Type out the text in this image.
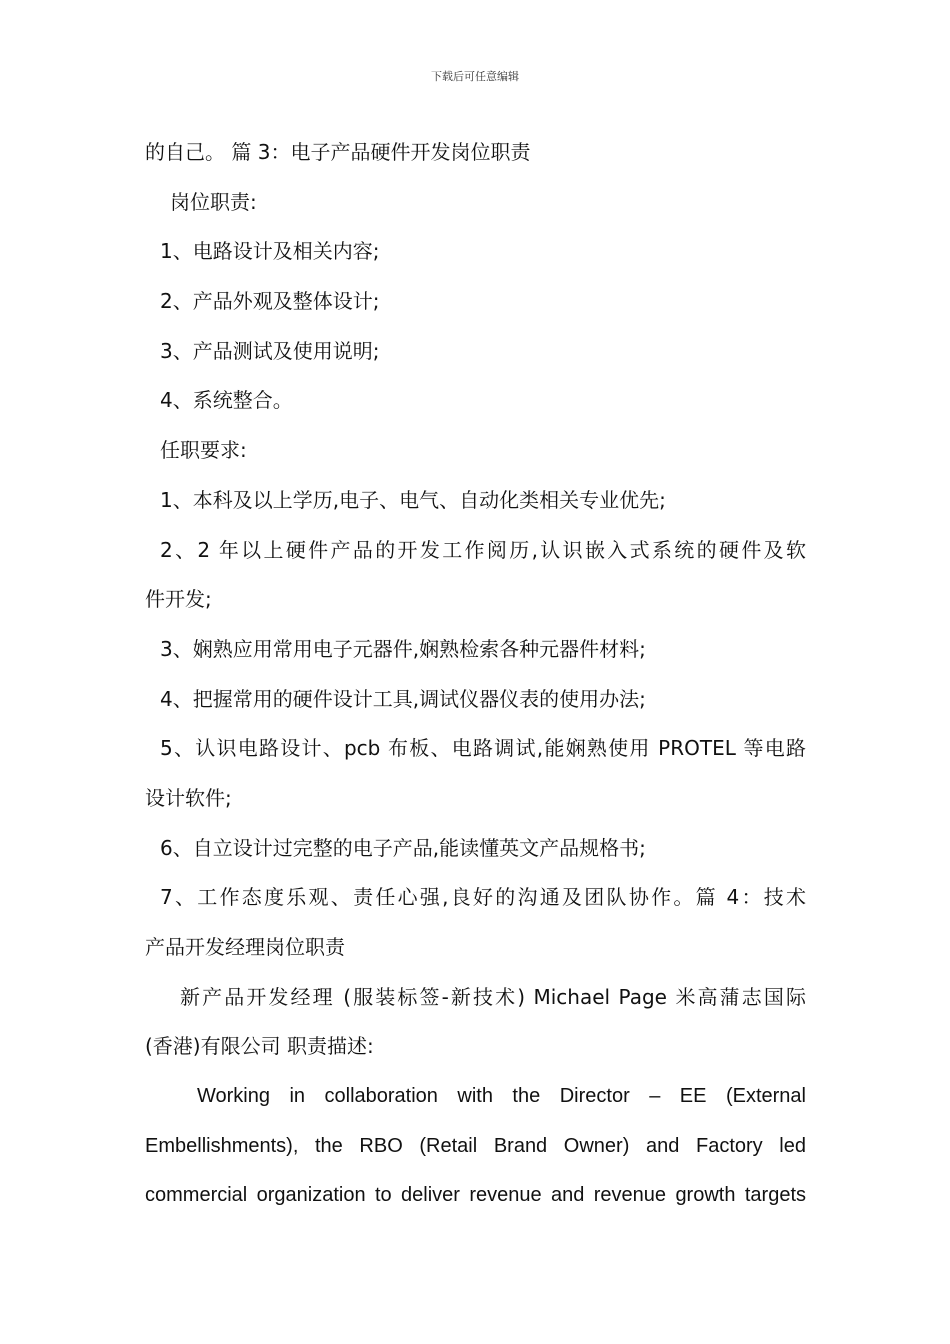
下载后可任意编辑
的自己。 篇 3：电子产品硬件开发岗位职责
岗位职责:
1、电路设计及相关内容;
2、产品外观及整体设计;
3、产品测试及使用说明;
4、系统整合。
任职要求:
1、本科及以上学历,电子、电气、自动化类相关专业优先;
2、2 年以上硬件产品的开发工作阅历,认识嵌入式系统的硬件及软
件开发;
3、娴熟应用常用电子元器件,娴熟检索各种元器件材料;
4、把握常用的硬件设计工具,调试仪器仪表的使用办法;
5、认识电路设计、pcb 布板、电路调试,能娴熟使用 PROTEL 等电路
设计软件;
6、自立设计过完整的电子产品,能读懂英文产品规格书;
7、工作态度乐观、责任心强,良好的沟通及团队协作。篇 4：技术
产品开发经理岗位职责
新产品开发经理 (服装标签-新技术) Michael Page 米高蒲志国际
(香港)有限公司 职责描述:
Working in collaboration with the Director – EE (External
Embellishments), the RBO (Retail Brand Owner) and Factory led
commercial organization to deliver revenue and revenue growth targets
